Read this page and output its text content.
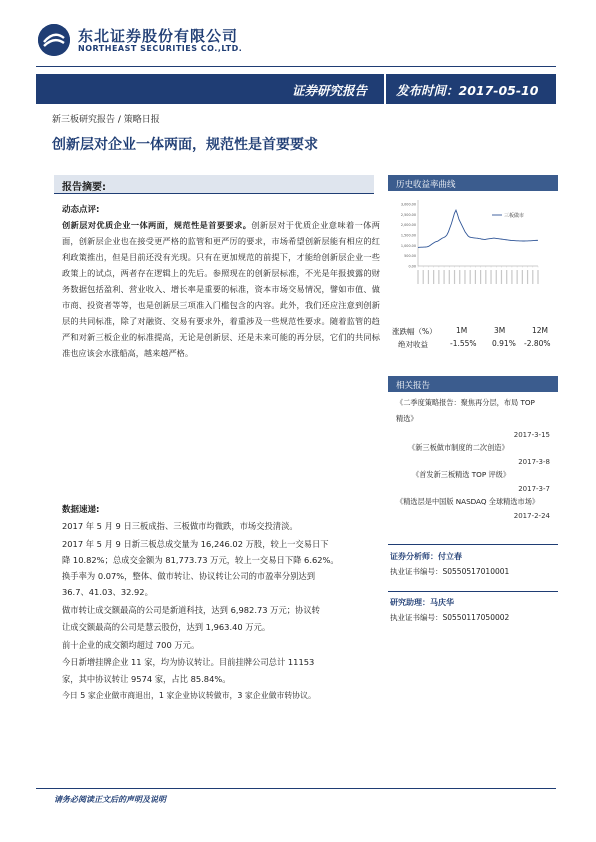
东北证券股份有限公司
NORTHEAST SECURITIES CO.,LTD.
证券研究报告 发布时间：2017-05-10
新三板研究报告 / 策略日报
创新层对企业一体两面，规范性是首要要求
报告摘要:
动态点评:
创新层对优质企业一体两面，规范性是首要要求。创新层对于优质企业意味着一体两面，创新层企业也在接受更严格的监管和更严厉的要求，市场希望创新层能有相应的红利政策推出，但是目前还没有光现。只有在更加规范的前提下，才能给创新层企业一些政策上的试点，两者存在逻辑上的先后。参照现在的创新层标准，不光是年报披露的财务数据包括盈利、营业收入、增长率是重要的标准，资本市场交易情况，譬如市值、做市商、投资者等等，也是创新层三项准入门槛包含的内容。此外，我们还应注意到创新层的共同标准，除了对融资、交易有要求外，着重涉及一些规范性要求。随着监管的趋严和对新三板企业的标准提高，无论是创新层、还是未来可能的再分层，它们的共同标准也应该会水涨船高，越来越严格。
数据速递:
2017 年 5 月 9 日三板成指、三板做市均微跌，市场交投清淡。
2017 年 5 月 9 日新三板总成交量为 16,246.02 万股，较上一交易日下
降 10.82%；总成交金额为 81,773.73 万元，较上一交易日下降 6.62%。
换手率为 0.07%，整体、做市转让、协议转让公司的市盈率分别达到
36.7、41.03、32.92。
做市转让成交额最高的公司是新道科技，达到 6,982.73 万元；协议转
让成交额最高的公司是慧云股份，达到 1,963.40 万元。
前十企业的成交额均超过 700 万元。
今日新增挂牌企业 11 家，均为协议转让。目前挂牌公司总计 11153
家，其中协议转让 9574 家，占比 85.84%。
今日 5 家企业做市商退出，1 家企业协议转做市，3 家企业做市转协议。
历史收益率曲线
3,000.00
2,500.00
2,000.00
1,500.00
1,000.00
500.00
0.00
三板做市
涨跌幅（%）	1M	3M	12M
绝对收益	-1.55% 0.91% -2.80%
相关报告
《二季度策略报告：聚焦再分层，布局 TOP
精选》
2017-3-15
《新三板做市制度的二次创造》
2017-3-8
《首发新三板精选 TOP 评级》
2017-3-7
《精选层是中国版 NASDAQ 全球精选市场》
2017-2-24
证券分析师：付立春
执业证书编号：S0550517010001
研究助理：马庆华
执业证书编号：S0550117050002
请务必阅读正文后的声明及说明
